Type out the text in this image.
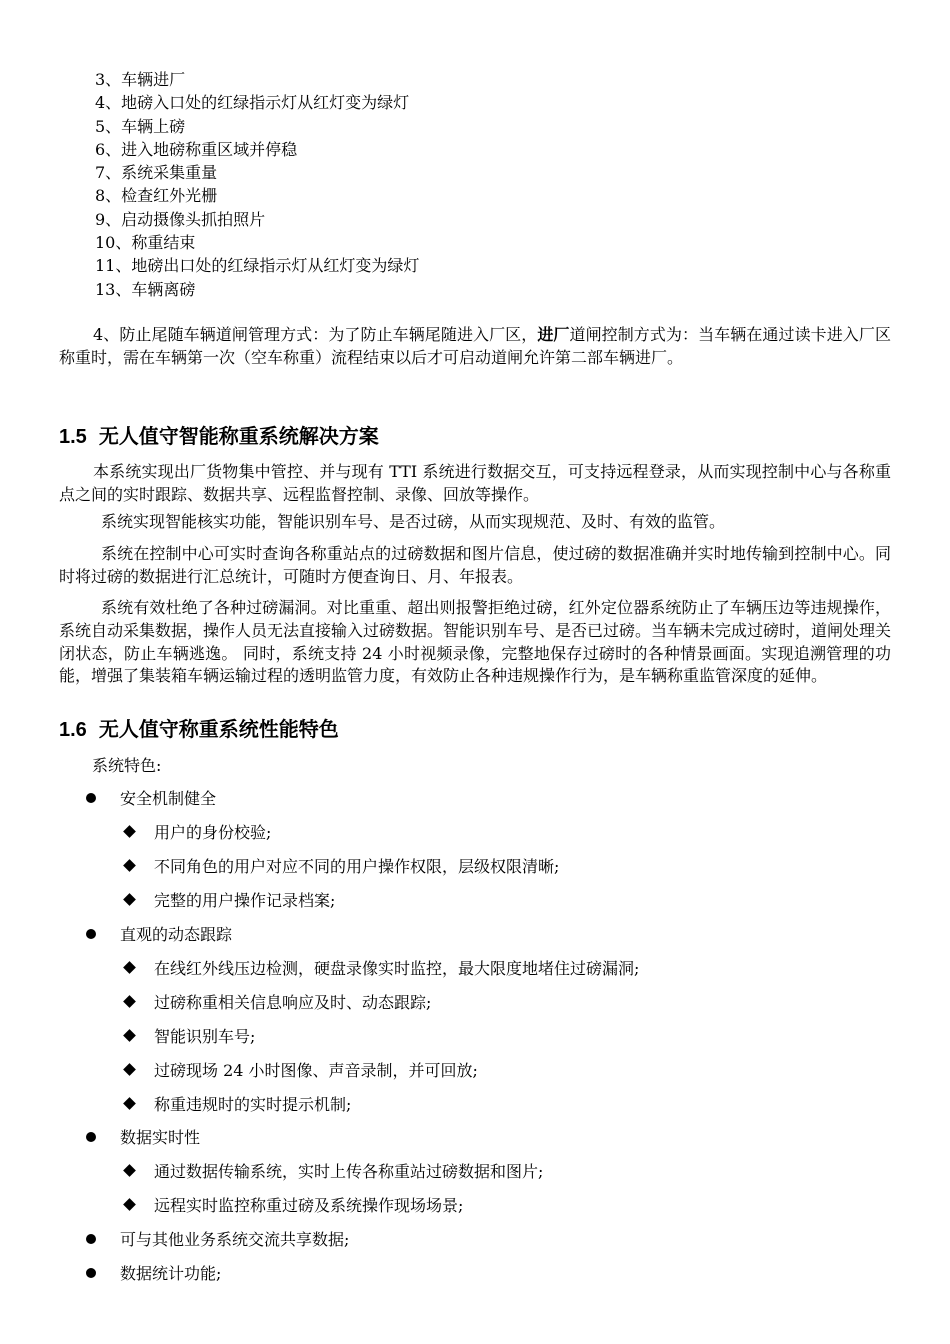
3、车辆进厂
4、地磅入口处的红绿指示灯从红灯变为绿灯
5、车辆上磅
6、进入地磅称重区域并停稳
7、系统采集重量
8、检查红外光栅
9、启动摄像头抓拍照片
10、称重结束
11、地磅出口处的红绿指示灯从红灯变为绿灯
13、车辆离磅

4、防止尾随车辆道闸管理方式：为了防止车辆尾随进入厂区，进厂道闸控制方式为：当车辆在通过读卡进入厂区称重时，需在车辆第一次（空车称重）流程结束以后才可启动道闸允许第二部车辆进厂。

1.5 无人值守智能称重系统解决方案

本系统实现出厂货物集中管控、并与现有 TTI 系统进行数据交互，可支持远程登录，从而实现控制中心与各称重点之间的实时跟踪、数据共享、远程监督控制、录像、回放等操作。

系统实现智能核实功能，智能识别车号、是否过磅，从而实现规范、及时、有效的监管。

系统在控制中心可实时查询各称重站点的过磅数据和图片信息，使过磅的数据准确并实时地传输到控制中心。同时将过磅的数据进行汇总统计，可随时方便查询日、月、年报表。

系统有效杜绝了各种过磅漏洞。对比重重、超出则报警拒绝过磅，红外定位器系统防止了车辆压边等违规操作，系统自动采集数据，操作人员无法直接输入过磅数据。智能识别车号、是否已过磅。当车辆未完成过磅时，道闸处理关闭状态，防止车辆逃逸。 同时，系统支持 24 小时视频录像，完整地保存过磅时的各种情景画面。实现追溯管理的功能，增强了集装箱车辆运输过程的透明监管力度，有效防止各种违规操作行为，是车辆称重监管深度的延伸。

1.6 无人值守称重系统性能特色
系统特色:
安全机制健全
用户的身份校验;
不同角色的用户对应不同的用户操作权限，层级权限清晰;
完整的用户操作记录档案;
直观的动态跟踪
在线红外线压边检测，硬盘录像实时监控，最大限度地堵住过磅漏洞;
过磅称重相关信息响应及时、动态跟踪;
智能识别车号;
过磅现场 24 小时图像、声音录制，并可回放;
称重违规时的实时提示机制;
数据实时性
通过数据传输系统，实时上传各称重站过磅数据和图片;
远程实时监控称重过磅及系统操作现场场景;
可与其他业务系统交流共享数据;
数据统计功能;
